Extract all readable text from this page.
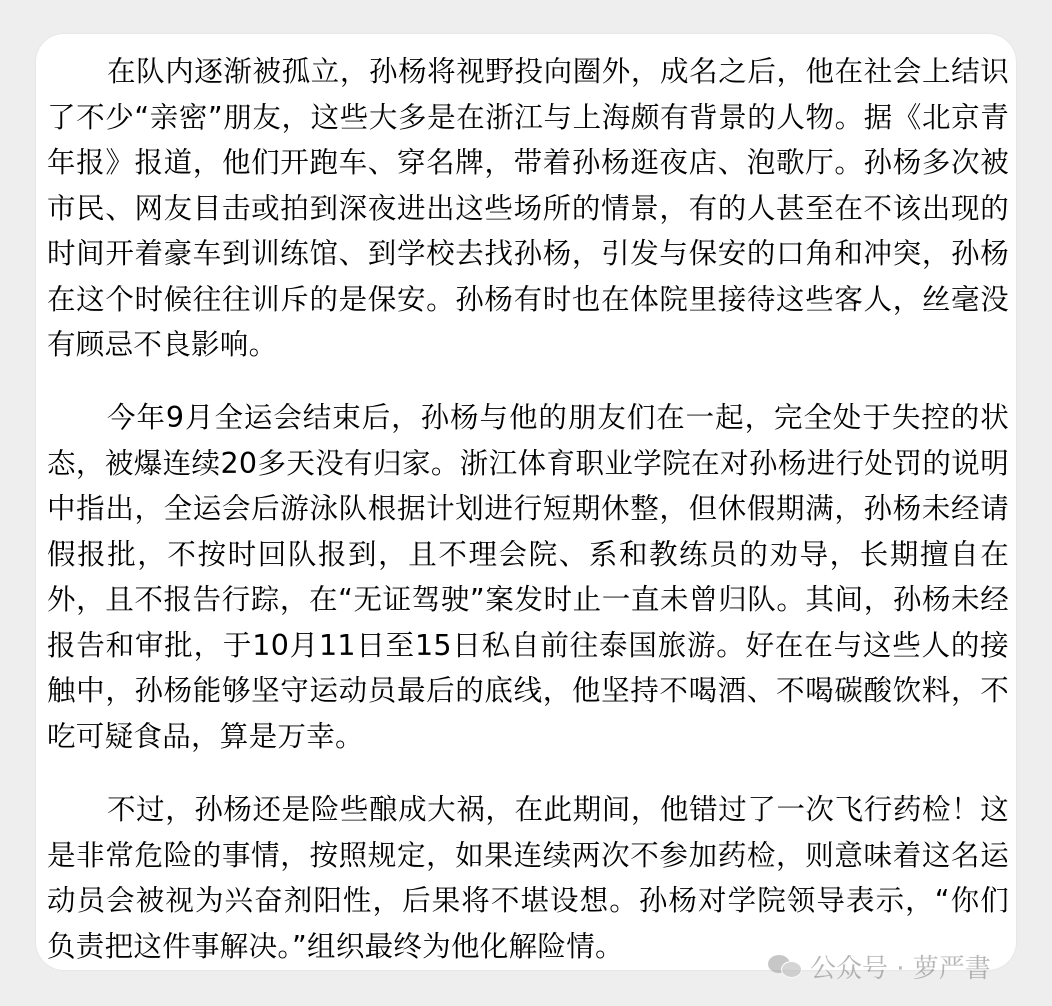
在队内逐渐被孤立，孙杨将视野投向圈外，成名之后，他在社会上结识了不少“亲密”朋友，这些大多是在浙江与上海颇有背景的人物。据《北京青年报》报道，他们开跑车、穿名牌，带着孙杨逛夜店、泡歌厅。孙杨多次被市民、网友目击或拍到深夜进出这些场所的情景，有的人甚至在不该出现的时间开着豪车到训练馆、到学校去找孙杨，引发与保安的口角和冲突，孙杨在这个时候往往训斥的是保安。孙杨有时也在体院里接待这些客人，丝毫没有顾忌不良影响。

今年9月全运会结束后，孙杨与他的朋友们在一起，完全处于失控的状态，被爆连续20多天没有归家。浙江体育职业学院在对孙杨进行处罚的说明中指出，全运会后游泳队根据计划进行短期休整，但休假期满，孙杨未经请假报批，不按时回队报到，且不理会院、系和教练员的劝导，长期擅自在外，且不报告行踪，在“无证驾驶”案发时止一直未曾归队。其间，孙杨未经报告和审批，于10月11日至15日私自前往泰国旅游。好在在与这些人的接触中，孙杨能够坚守运动员最后的底线，他坚持不喝酒、不喝碳酸饮料，不吃可疑食品，算是万幸。

不过，孙杨还是险些酿成大祸，在此期间，他错过了一次飞行药检！这是非常危险的事情，按照规定，如果连续两次不参加药检，则意味着这名运动员会被视为兴奋剂阳性，后果将不堪设想。孙杨对学院领导表示，“你们负责把这件事解决。”组织最终为他化解险情。

公众号 · 萝严書
